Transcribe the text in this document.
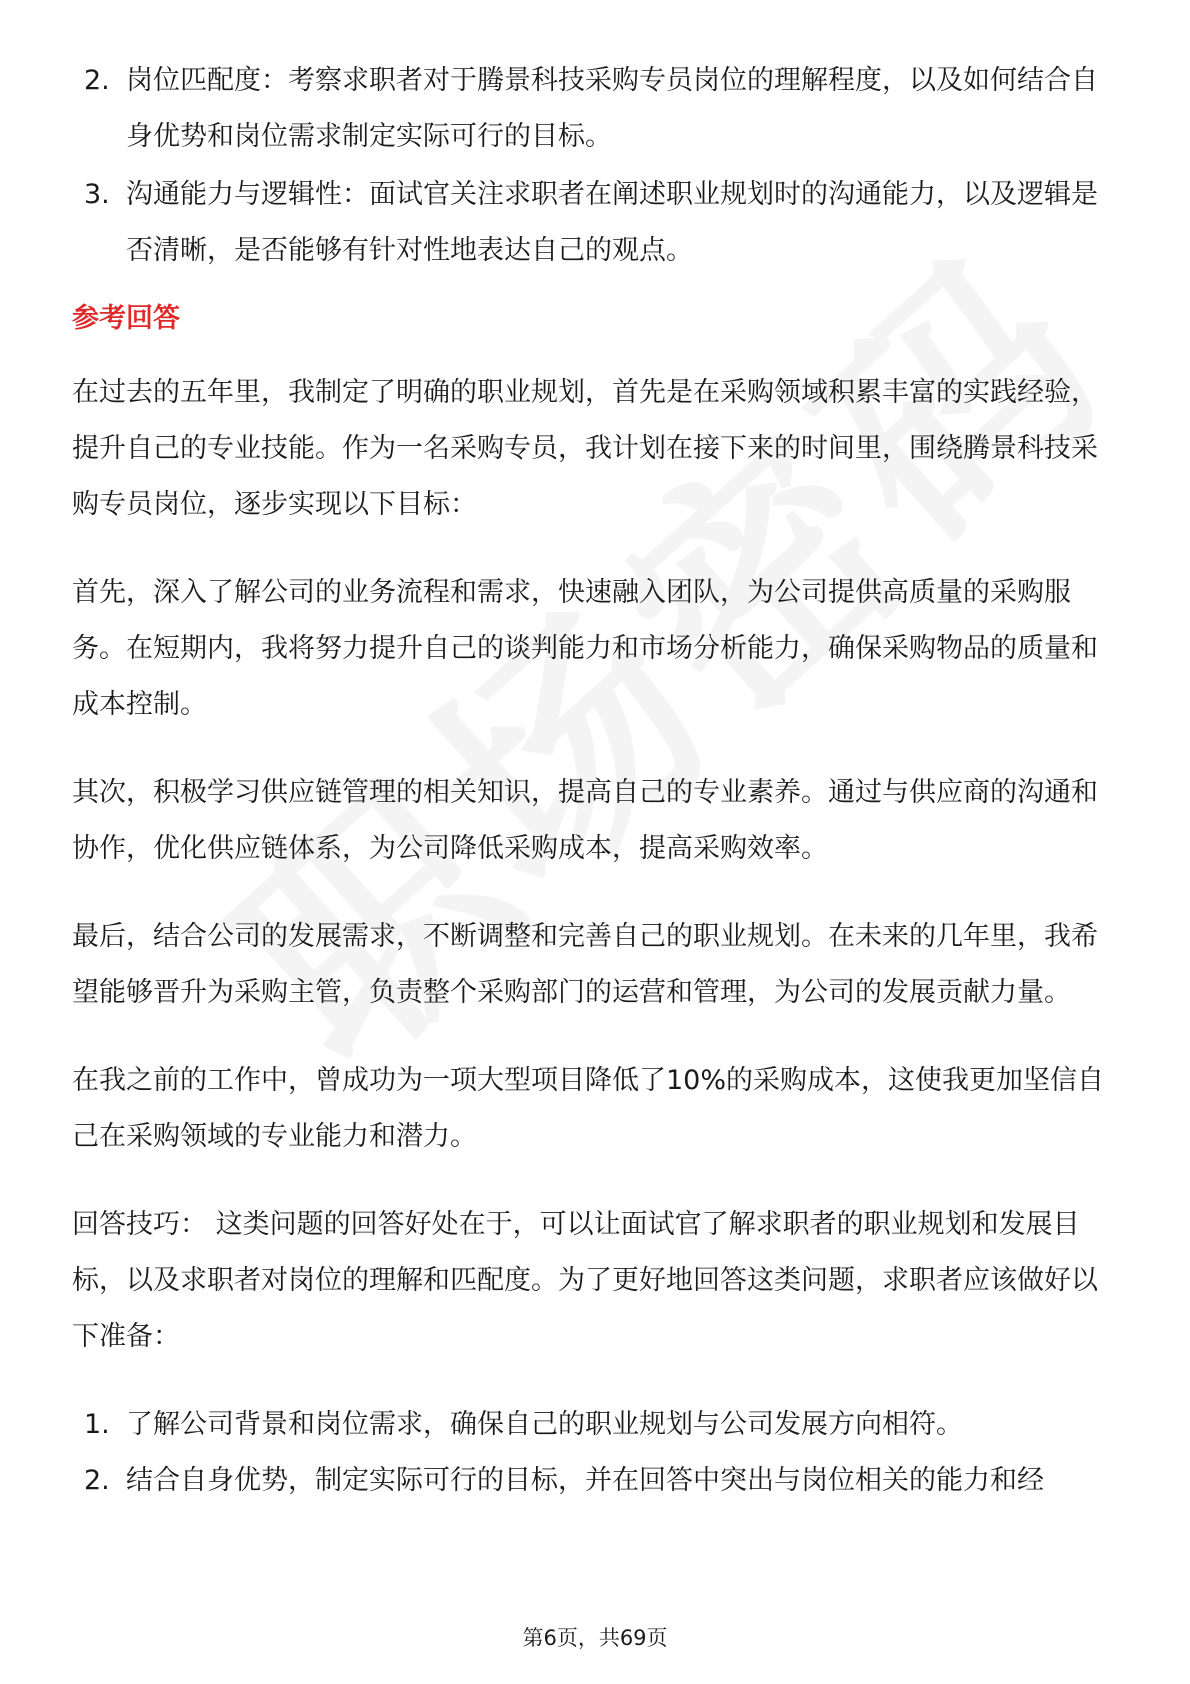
2. 岗位匹配度：考察求职者对于腾景科技采购专员岗位的理解程度，以及如何结合自身优势和岗位需求制定实际可行的目标。
3. 沟通能力与逻辑性：面试官关注求职者在阐述职业规划时的沟通能力，以及逻辑是否清晰，是否能够有针对性地表达自己的观点。
参考回答

在过去的五年里，我制定了明确的职业规划，首先是在采购领域积累丰富的实践经验，提升自己的专业技能。作为一名采购专员，我计划在接下来的时间里，围绕腾景科技采购专员岗位，逐步实现以下目标：

首先，深入了解公司的业务流程和需求，快速融入团队，为公司提供高质量的采购服务。在短期内，我将努力提升自己的谈判能力和市场分析能力，确保采购物品的质量和成本控制。

其次，积极学习供应链管理的相关知识，提高自己的专业素养。通过与供应商的沟通和协作，优化供应链体系，为公司降低采购成本，提高采购效率。

最后，结合公司的发展需求，不断调整和完善自己的职业规划。在未来的几年里，我希望能够晋升为采购主管，负责整个采购部门的运营和管理，为公司的发展贡献力量。

在我之前的工作中，曾成功为一项大型项目降低了10%的采购成本，这使我更加坚信自己在采购领域的专业能力和潜力。

回答技巧： 这类问题的回答好处在于，可以让面试官了解求职者的职业规划和发展目标，以及求职者对岗位的理解和匹配度。为了更好地回答这类问题，求职者应该做好以下准备：

1. 了解公司背景和岗位需求，确保自己的职业规划与公司发展方向相符。
2. 结合自身优势，制定实际可行的目标，并在回答中突出与岗位相关的能力和经
第6页，共69页
